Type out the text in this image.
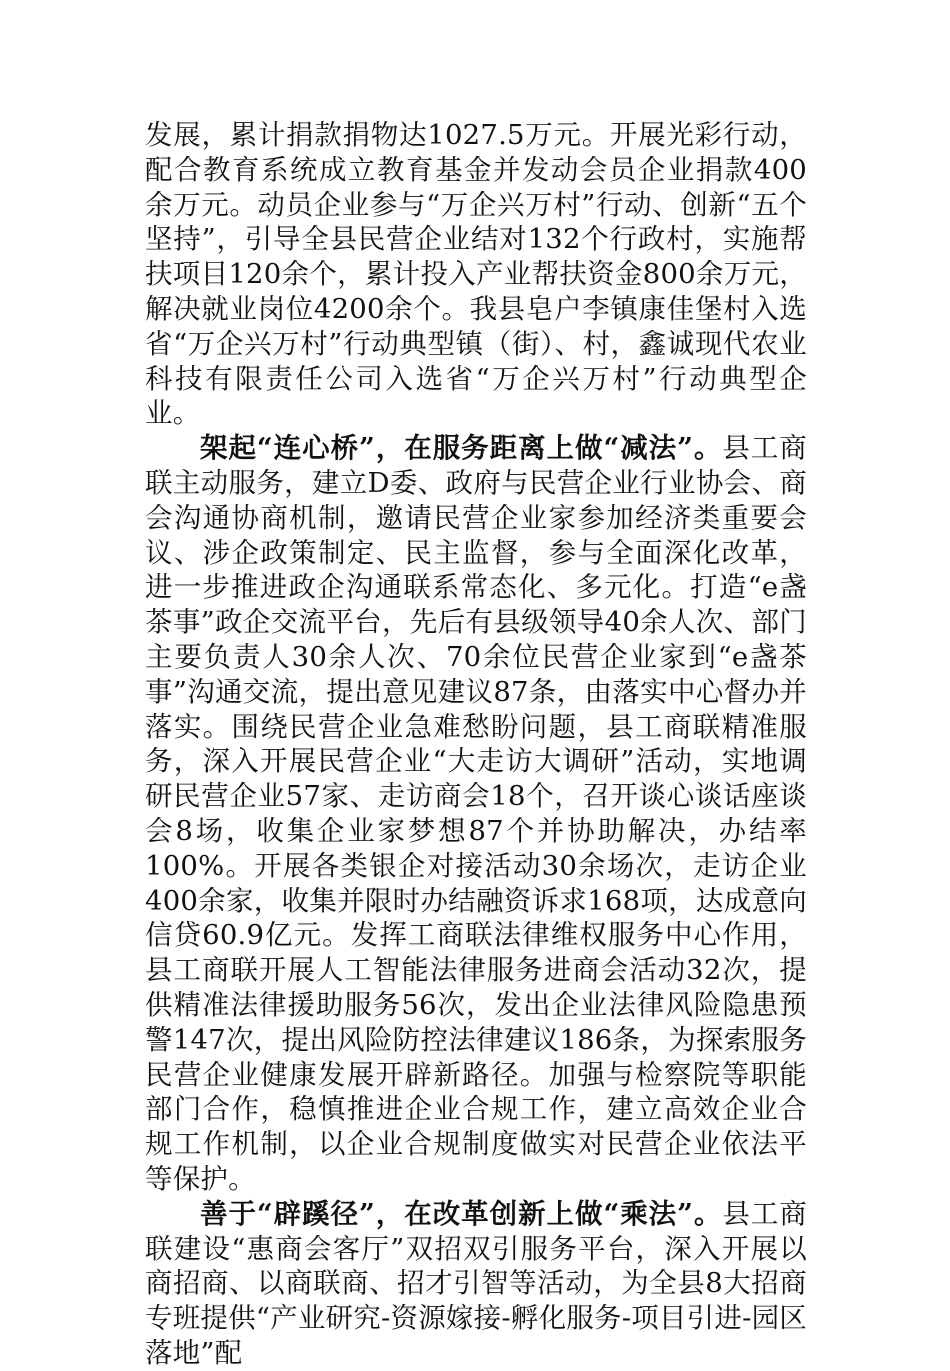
发展，累计捐款捐物达1027.5万元。开展光彩行动，配合教育系统成立教育基金并发动会员企业捐款400余万元。动员企业参与“万企兴万村”行动、创新“五个坚持”，引导全县民营企业结对132个行政村，实施帮扶项目120余个，累计投入产业帮扶资金800余万元，解决就业岗位4200余个。我县皂户李镇康佳堡村入选省“万企兴万村”行动典型镇（街）、村，鑫诚现代农业科技有限责任公司入选省“万企兴万村”行动典型企业。

架起“连心桥”，在服务距离上做“减法”。县工商联主动服务，建立D委、政府与民营企业行业协会、商会沟通协商机制，邀请民营企业家参加经济类重要会议、涉企政策制定、民主监督，参与全面深化改革，进一步推进政企沟通联系常态化、多元化。打造“e盏茶事”政企交流平台，先后有县级领导40余人次、部门主要负责人30余人次、70余位民营企业家到“e盏茶事”沟通交流，提出意见建议87条，由落实中心督办并落实。围绕民营企业急难愁盼问题，县工商联精准服务，深入开展民营企业“大走访大调研”活动，实地调研民营企业57家、走访商会18个，召开谈心谈话座谈会8场，收集企业家梦想87个并协助解决，办结率100%。开展各类银企对接活动30余场次，走访企业400余家，收集并限时办结融资诉求168项，达成意向信贷60.9亿元。发挥工商联法律维权服务中心作用，县工商联开展人工智能法律服务进商会活动32次，提供精准法律援助服务56次，发出企业法律风险隐患预警147次，提出风险防控法律建议186条，为探索服务民营企业健康发展开辟新路径。加强与检察院等职能部门合作，稳慎推进企业合规工作，建立高效企业合规工作机制，以企业合规制度做实对民营企业依法平等保护。

善于“辟蹊径”，在改革创新上做“乘法”。县工商联建设“惠商会客厅”双招双引服务平台，深入开展以商招商、以商联商、招才引智等活动，为全县8大招商专班提供“产业研究-资源嫁接-孵化服务-项目引进-园区落地”配
